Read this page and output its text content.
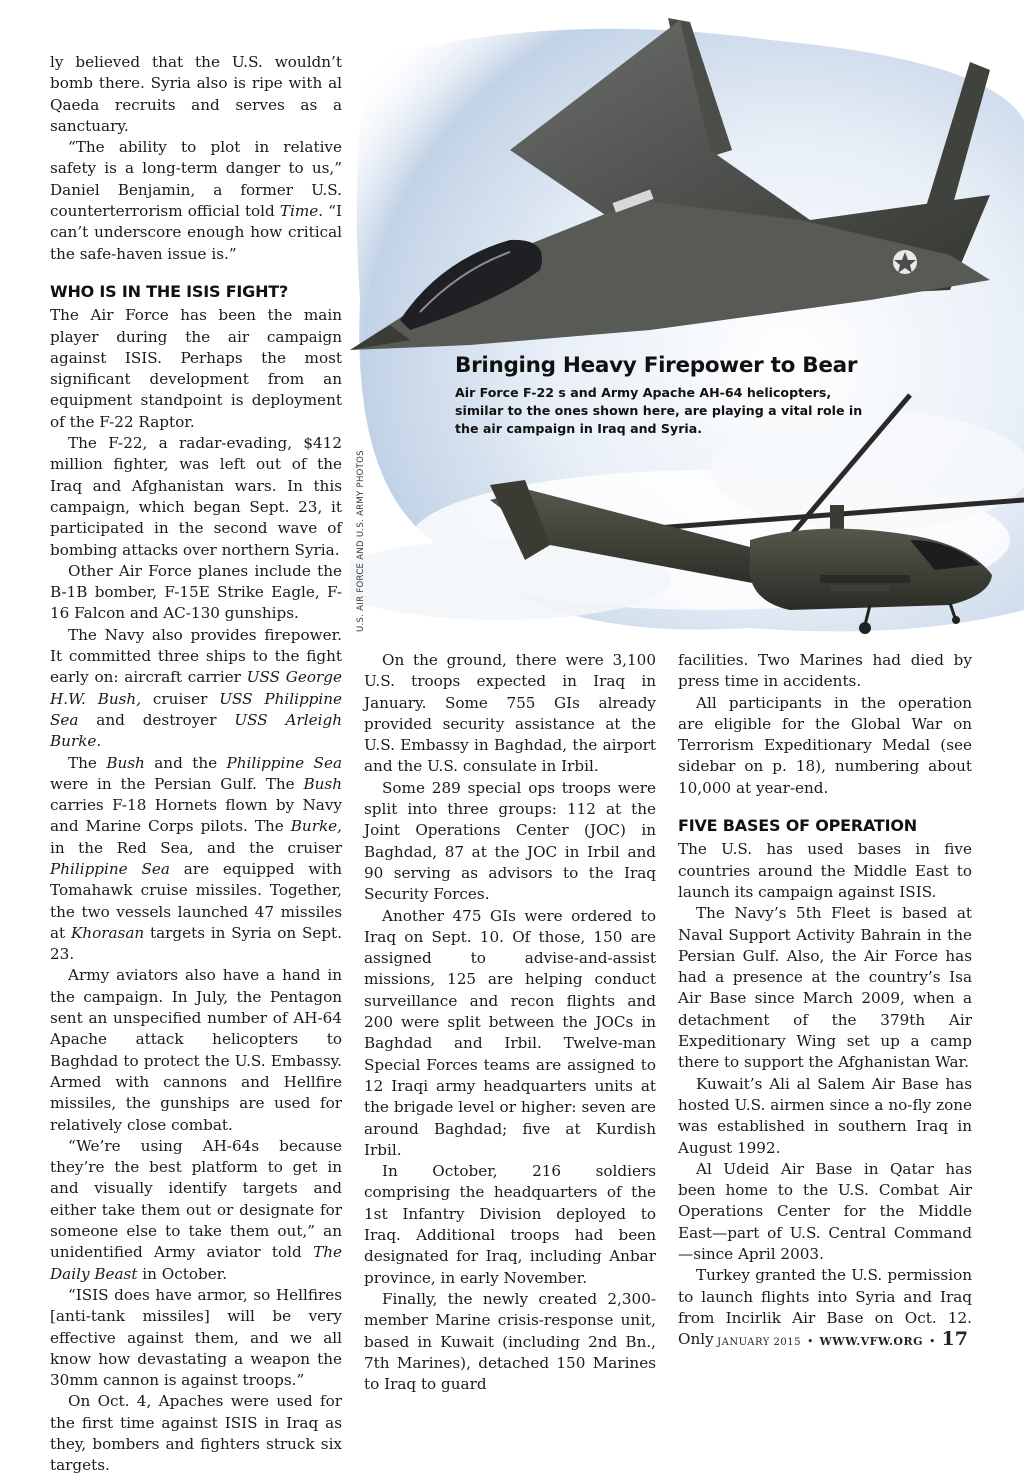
Bringing Heavy Firepower to Bear
Air Force F-22 s and Army Apache AH-64 helicopters, similar to the ones shown here, are playing a vital role in the air campaign in Iraq and Syria.
U.S. AIR FORCE AND U.S. ARMY PHOTOS

ly believed that the U.S. wouldn’t bomb there. Syria also is ripe with al Qaeda recruits and serves as a sanctuary.

“The ability to plot in relative safety is a long-term danger to us,” Daniel Benjamin, a former U.S. counterterrorism official told Time. “I can’t underscore enough how critical the safe-haven issue is.”

WHO IS IN THE ISIS FIGHT?

The Air Force has been the main player during the air campaign against ISIS. Perhaps the most significant development from an equipment standpoint is deployment of the F-22 Raptor.

The F-22, a radar-evading, $412 million fighter, was left out of the Iraq and Afghanistan wars. In this campaign, which began Sept. 23, it participated in the second wave of bombing attacks over northern Syria.

Other Air Force planes include the B-1B bomber, F-15E Strike Eagle, F-16 Falcon and AC-130 gunships.

The Navy also provides firepower. It committed three ships to the fight early on: aircraft carrier USS George H.W. Bush, cruiser USS Philippine Sea and destroyer USS Arleigh Burke.

The Bush and the Philippine Sea were in the Persian Gulf. The Bush carries F-18 Hornets flown by Navy and Marine Corps pilots. The Burke, in the Red Sea, and the cruiser Philippine Sea are equipped with Tomahawk cruise missiles. Together, the two vessels launched 47 missiles at Khorasan targets in Syria on Sept. 23.

Army aviators also have a hand in the campaign. In July, the Pentagon sent an unspecified number of AH-64 Apache attack helicopters to Baghdad to protect the U.S. Embassy. Armed with cannons and Hellfire missiles, the gunships are used for relatively close combat.

“We’re using AH-64s because they’re the best platform to get in and visually identify targets and either take them out or designate for someone else to take them out,” an unidentified Army aviator told The Daily Beast in October.

“ISIS does have armor, so Hellfires [anti-tank missiles] will be very effective against them, and we all know how devastating a weapon the 30mm cannon is against troops.”

On Oct. 4, Apaches were used for the first time against ISIS in Iraq as they, bombers and fighters struck six targets.

On the ground, there were 3,100 U.S. troops expected in Iraq in January. Some 755 GIs already provided security assistance at the U.S. Embassy in Baghdad, the airport and the U.S. consulate in Irbil.

Some 289 special ops troops were split into three groups: 112 at the Joint Operations Center (JOC) in Baghdad, 87 at the JOC in Irbil and 90 serving as advisors to the Iraq Security Forces.

Another 475 GIs were ordered to Iraq on Sept. 10. Of those, 150 are assigned to advise-and-assist missions, 125 are helping conduct surveillance and recon flights and 200 were split between the JOCs in Baghdad and Irbil. Twelve-man Special Forces teams are assigned to 12 Iraqi army headquarters units at the brigade level or higher: seven are around Baghdad; five at Kurdish Irbil.

In October, 216 soldiers comprising the headquarters of the 1st Infantry Division deployed to Iraq. Additional troops had been designated for Iraq, including Anbar province, in early November.

Finally, the newly created 2,300-member Marine crisis-response unit, based in Kuwait (including 2nd Bn., 7th Marines), detached 150 Marines to Iraq to guard

facilities. Two Marines had died by press time in accidents.

All participants in the operation are eligible for the Global War on Terrorism Expeditionary Medal (see sidebar on p. 18), numbering about 10,000 at year-end.

FIVE BASES OF OPERATION

The U.S. has used bases in five countries around the Middle East to launch its campaign against ISIS.

The Navy’s 5th Fleet is based at Naval Support Activity Bahrain in the Persian Gulf. Also, the Air Force has had a presence at the country’s Isa Air Base since March 2009, when a detachment of the 379th Air Expeditionary Wing set up a camp there to support the Afghanistan War.

Kuwait’s Ali al Salem Air Base has hosted U.S. airmen since a no-fly zone was established in southern Iraq in August 1992.

Al Udeid Air Base in Qatar has been home to the U.S. Combat Air Operations Center for the Middle East—part of U.S. Central Command—since April 2003.

Turkey granted the U.S. permission to launch flights into Syria and Iraq from Incirlik Air Base on Oct. 12. Only JANUARY 2015 • WWW.VFW.ORG • 17
